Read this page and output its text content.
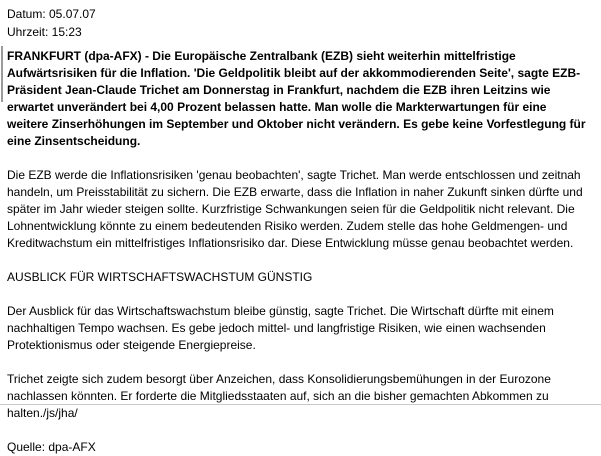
Datum: 05.07.07
Uhrzeit: 15:23

FRANKFURT (dpa-AFX) - Die Europäische Zentralbank (EZB) sieht weiterhin mittelfristige Aufwärtsrisiken für die Inflation. 'Die Geldpolitik bleibt auf der akkommodierenden Seite', sagte EZB-Präsident Jean-Claude Trichet am Donnerstag in Frankfurt, nachdem die EZB ihren Leitzins wie erwartet unverändert bei 4,00 Prozent belassen hatte. Man wolle die Markterwartungen für eine weitere Zinserhöhungen im September und Oktober nicht verändern. Es gebe keine Vorfestlegung für eine Zinsentscheidung.

Die EZB werde die Inflationsrisiken 'genau beobachten', sagte Trichet. Man werde entschlossen und zeitnah handeln, um Preisstabilität zu sichern. Die EZB erwarte, dass die Inflation in naher Zukunft sinken dürfte und später im Jahr wieder steigen sollte. Kurzfristige Schwankungen seien für die Geldpolitik nicht relevant. Die Lohnentwicklung könnte zu einem bedeutenden Risiko werden. Zudem stelle das hohe Geldmengen- und Kreditwachstum ein mittelfristiges Inflationsrisiko dar. Diese Entwicklung müsse genau beobachtet werden.

AUSBLICK FÜR WIRTSCHAFTSWACHSTUM GÜNSTIG

Der Ausblick für das Wirtschaftswachstum bleibe günstig, sagte Trichet. Die Wirtschaft dürfte mit einem nachhaltigen Tempo wachsen. Es gebe jedoch mittel- und langfristige Risiken, wie einen wachsenden Protektionismus oder steigende Energiepreise.

Trichet zeigte sich zudem besorgt über Anzeichen, dass Konsolidierungsbemühungen in der Eurozone nachlassen könnten. Er forderte die Mitgliedsstaaten auf, sich an die bisher gemachten Abkommen zu halten./js/jha/

Quelle: dpa-AFX
